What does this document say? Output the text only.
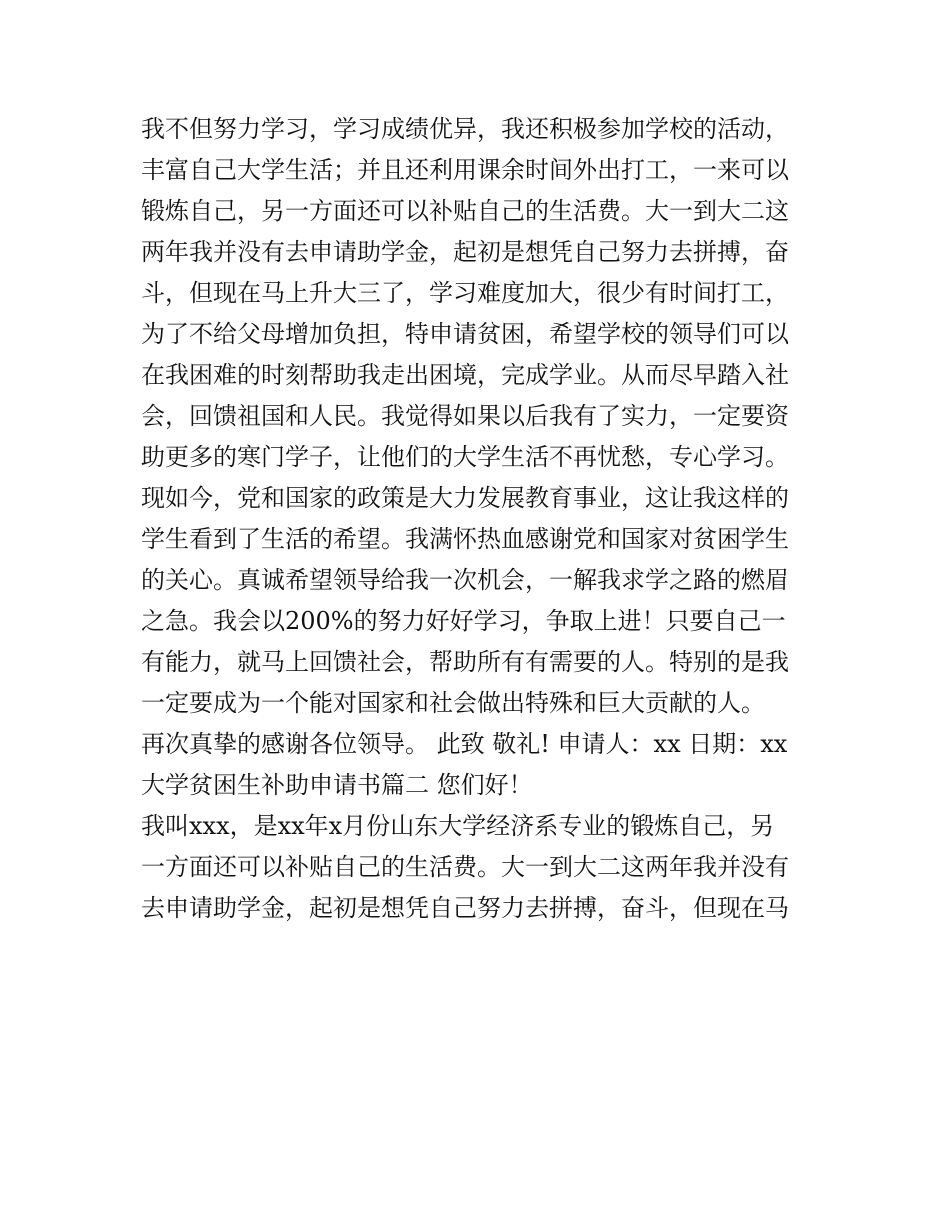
我不但努力学习，学习成绩优异，我还积极参加学校的活动，
丰富自己大学生活；并且还利用课余时间外出打工，一来可以
锻炼自己，另一方面还可以补贴自己的生活费。大一到大二这
两年我并没有去申请助学金，起初是想凭自己努力去拼搏，奋
斗，但现在马上升大三了，学习难度加大，很少有时间打工，
为了不给父母增加负担，特申请贫困，希望学校的领导们可以
在我困难的时刻帮助我走出困境，完成学业。从而尽早踏入社
会，回馈祖国和人民。我觉得如果以后我有了实力，一定要资
助更多的寒门学子，让他们的大学生活不再忧愁，专心学习。
现如今，党和国家的政策是大力发展教育事业，这让我这样的
学生看到了生活的希望。我满怀热血感谢党和国家对贫困学生
的关心。真诚希望领导给我一次机会，一解我求学之路的燃眉
之急。我会以200%的努力好好学习，争取上进！只要自己一
有能力，就马上回馈社会，帮助所有有需要的人。特别的是我
一定要成为一个能对国家和社会做出特殊和巨大贡献的人。
再次真挚的感谢各位领导。 此致 敬礼! 申请人：xx 日期：xx
大学贫困生补助申请书篇二 您们好！
我叫xxx，是xx年x月份山东大学经济系专业的锻炼自己，另
一方面还可以补贴自己的生活费。大一到大二这两年我并没有
去申请助学金，起初是想凭自己努力去拼搏，奋斗，但现在马
